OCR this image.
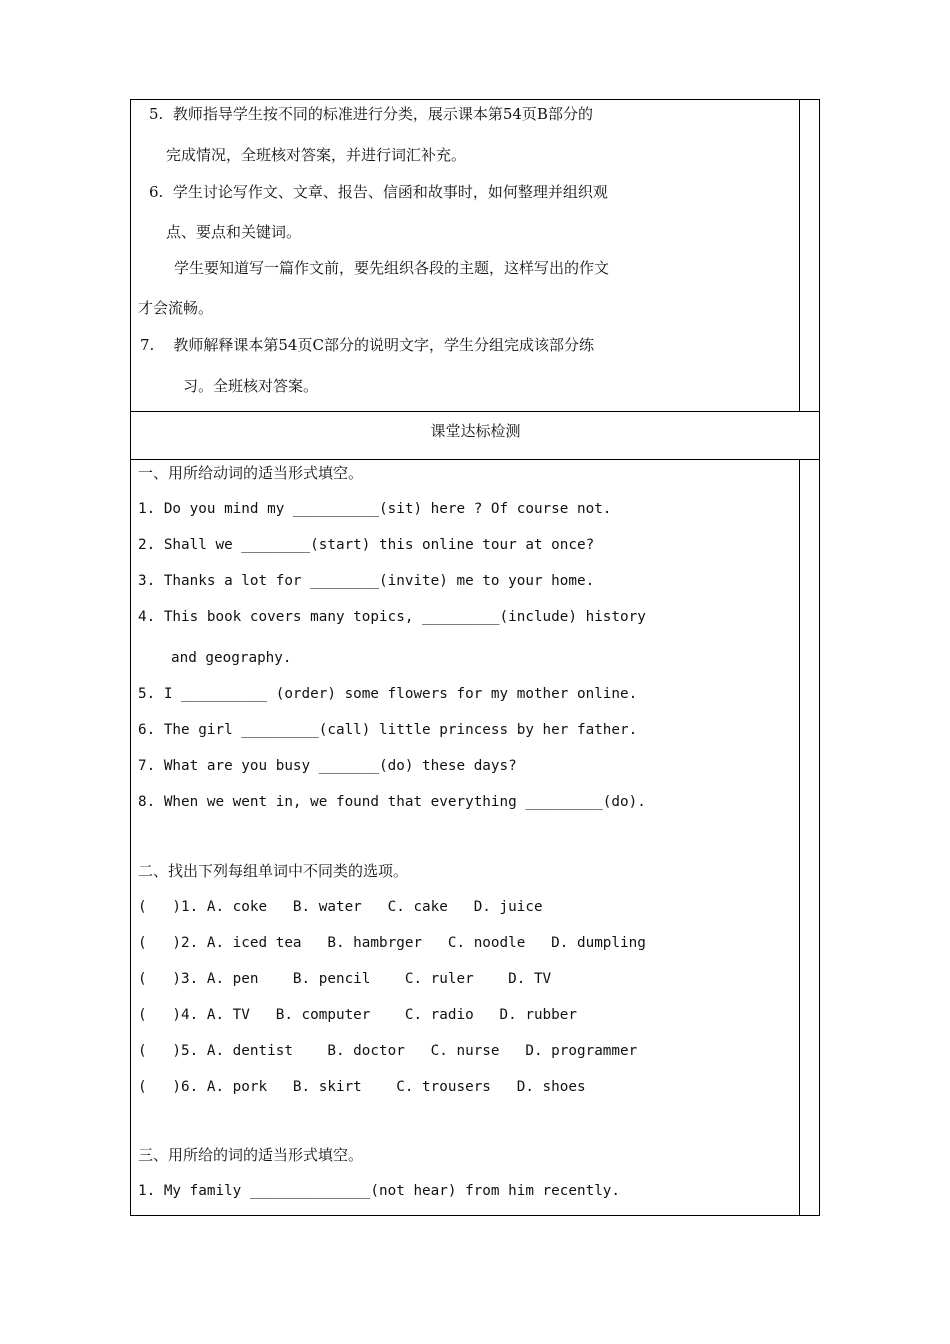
5.  教师指导学生按不同的标准进行分类，展示课本第54页B部分的
完成情况，全班核对答案，并进行词汇补充。
6.  学生讨论写作文、文章、报告、信函和故事时，如何整理并组织观
点、要点和关键词。
学生要知道写一篇作文前，要先组织各段的主题，这样写出的作文
才会流畅。
7.    教师解释课本第54页C部分的说明文字，学生分组完成该部分练
习。全班核对答案。
课堂达标检测
一、用所给动词的适当形式填空。
1. Do you mind my __________(sit) here ? Of course not.
2. Shall we ________(start) this online tour at once?
3. Thanks a lot for ________(invite) me to your home.
4. This book covers many topics, _________(include) history
and geography.
5. I __________ (order) some flowers for my mother online.
6. The girl _________(call) little princess by her father.
7. What are you busy _______(do) these days?
8. When we went in, we found that everything _________(do).
二、找出下列每组单词中不同类的选项。
(   )1. A. coke   B. water   C. cake   D. juice
(   )2. A. iced tea   B. hambrger   C. noodle   D. dumpling
(   )3. A. pen    B. pencil    C. ruler    D. TV
(   )4. A. TV   B. computer    C. radio   D. rubber
(   )5. A. dentist    B. doctor   C. nurse   D. programmer
(   )6. A. pork   B. skirt    C. trousers   D. shoes
三、用所给的词的适当形式填空。
1. My family ______________(not hear) from him recently.
